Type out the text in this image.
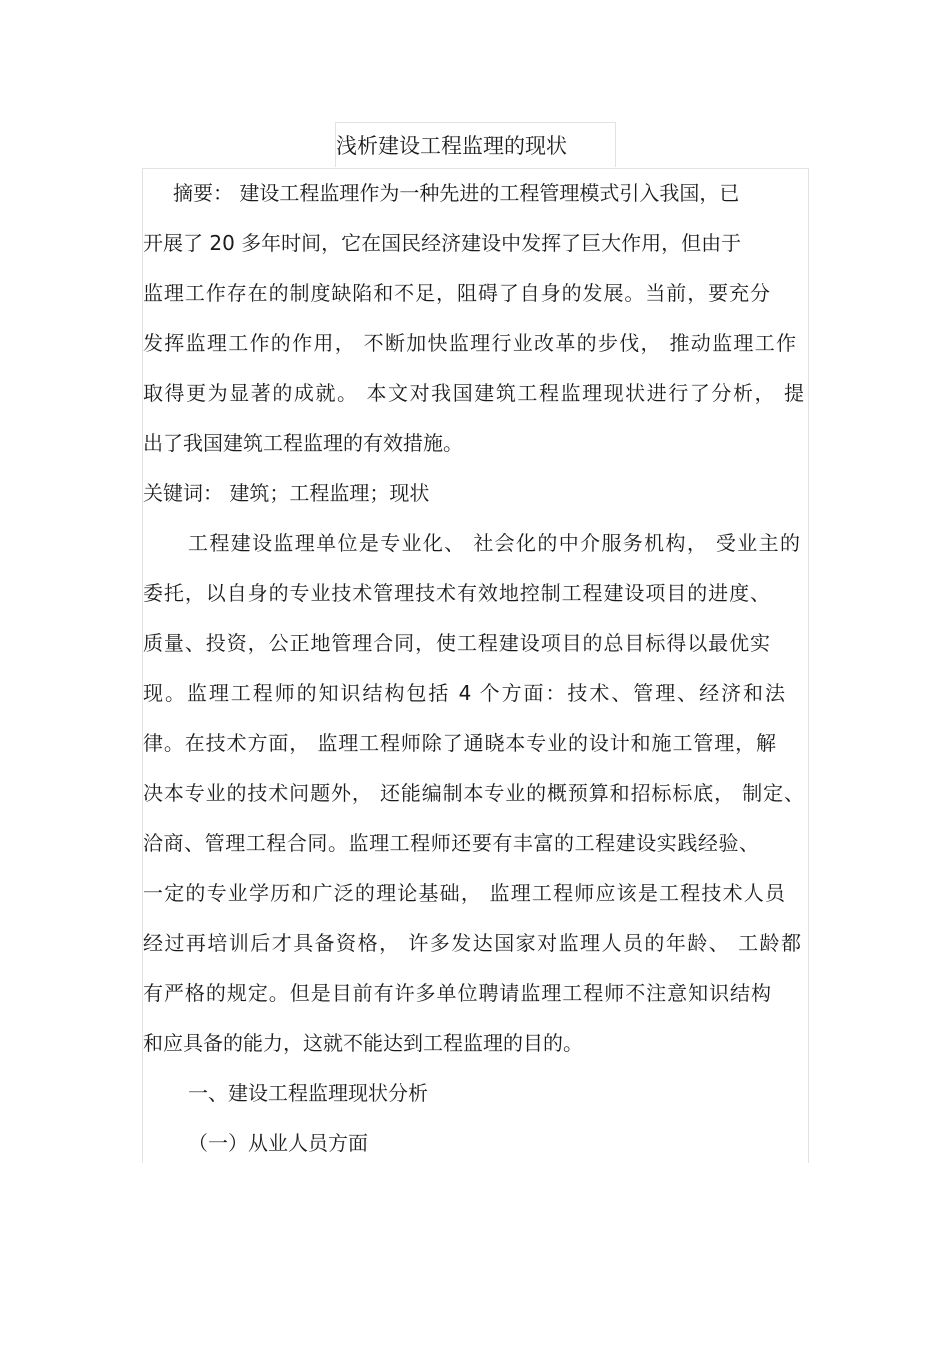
浅析建设工程监理的现状

摘要： 建设工程监理作为一种先进的工程管理模式引入我国，已

开展了 20 多年时间，它在国民经济建设中发挥了巨大作用，但由于

监理工作存在的制度缺陷和不足，阻碍了自身的发展。当前，要充分

发挥监理工作的作用， 不断加快监理行业改革的步伐， 推动监理工作

取得更为显著的成就。 本文对我国建筑工程监理现状进行了分析， 提

出了我国建筑工程监理的有效措施。

关键词： 建筑；工程监理；现状

工程建设监理单位是专业化、 社会化的中介服务机构， 受业主的

委托，以自身的专业技术管理技术有效地控制工程建设项目的进度、

质量、投资，公正地管理合同，使工程建设项目的总目标得以最优实

现。监理工程师的知识结构包括 4 个方面：技术、管理、经济和法

律。在技术方面， 监理工程师除了通晓本专业的设计和施工管理，解

决本专业的技术问题外， 还能编制本专业的概预算和招标标底， 制定、

洽商、管理工程合同。监理工程师还要有丰富的工程建设实践经验、

一定的专业学历和广泛的理论基础， 监理工程师应该是工程技术人员

经过再培训后才具备资格， 许多发达国家对监理人员的年龄、 工龄都

有严格的规定。但是目前有许多单位聘请监理工程师不注意知识结构

和应具备的能力，这就不能达到工程监理的目的。

一、建设工程监理现状分析

（一）从业人员方面
